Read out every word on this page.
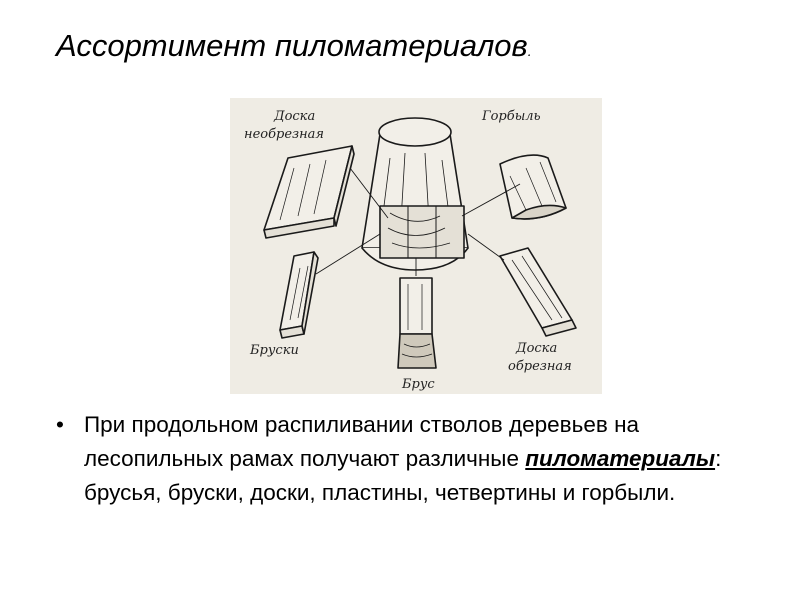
Ассортимент пиломатериалов.
Доска
необрезная
Горбыль
Бруски
Брус
Доска
обрезная
• При продольном распиливании стволов деревьев на лесопильных рамах получают различные пиломатериалы: брусья, бруски, доски, пластины, четвертины и горбыли.
